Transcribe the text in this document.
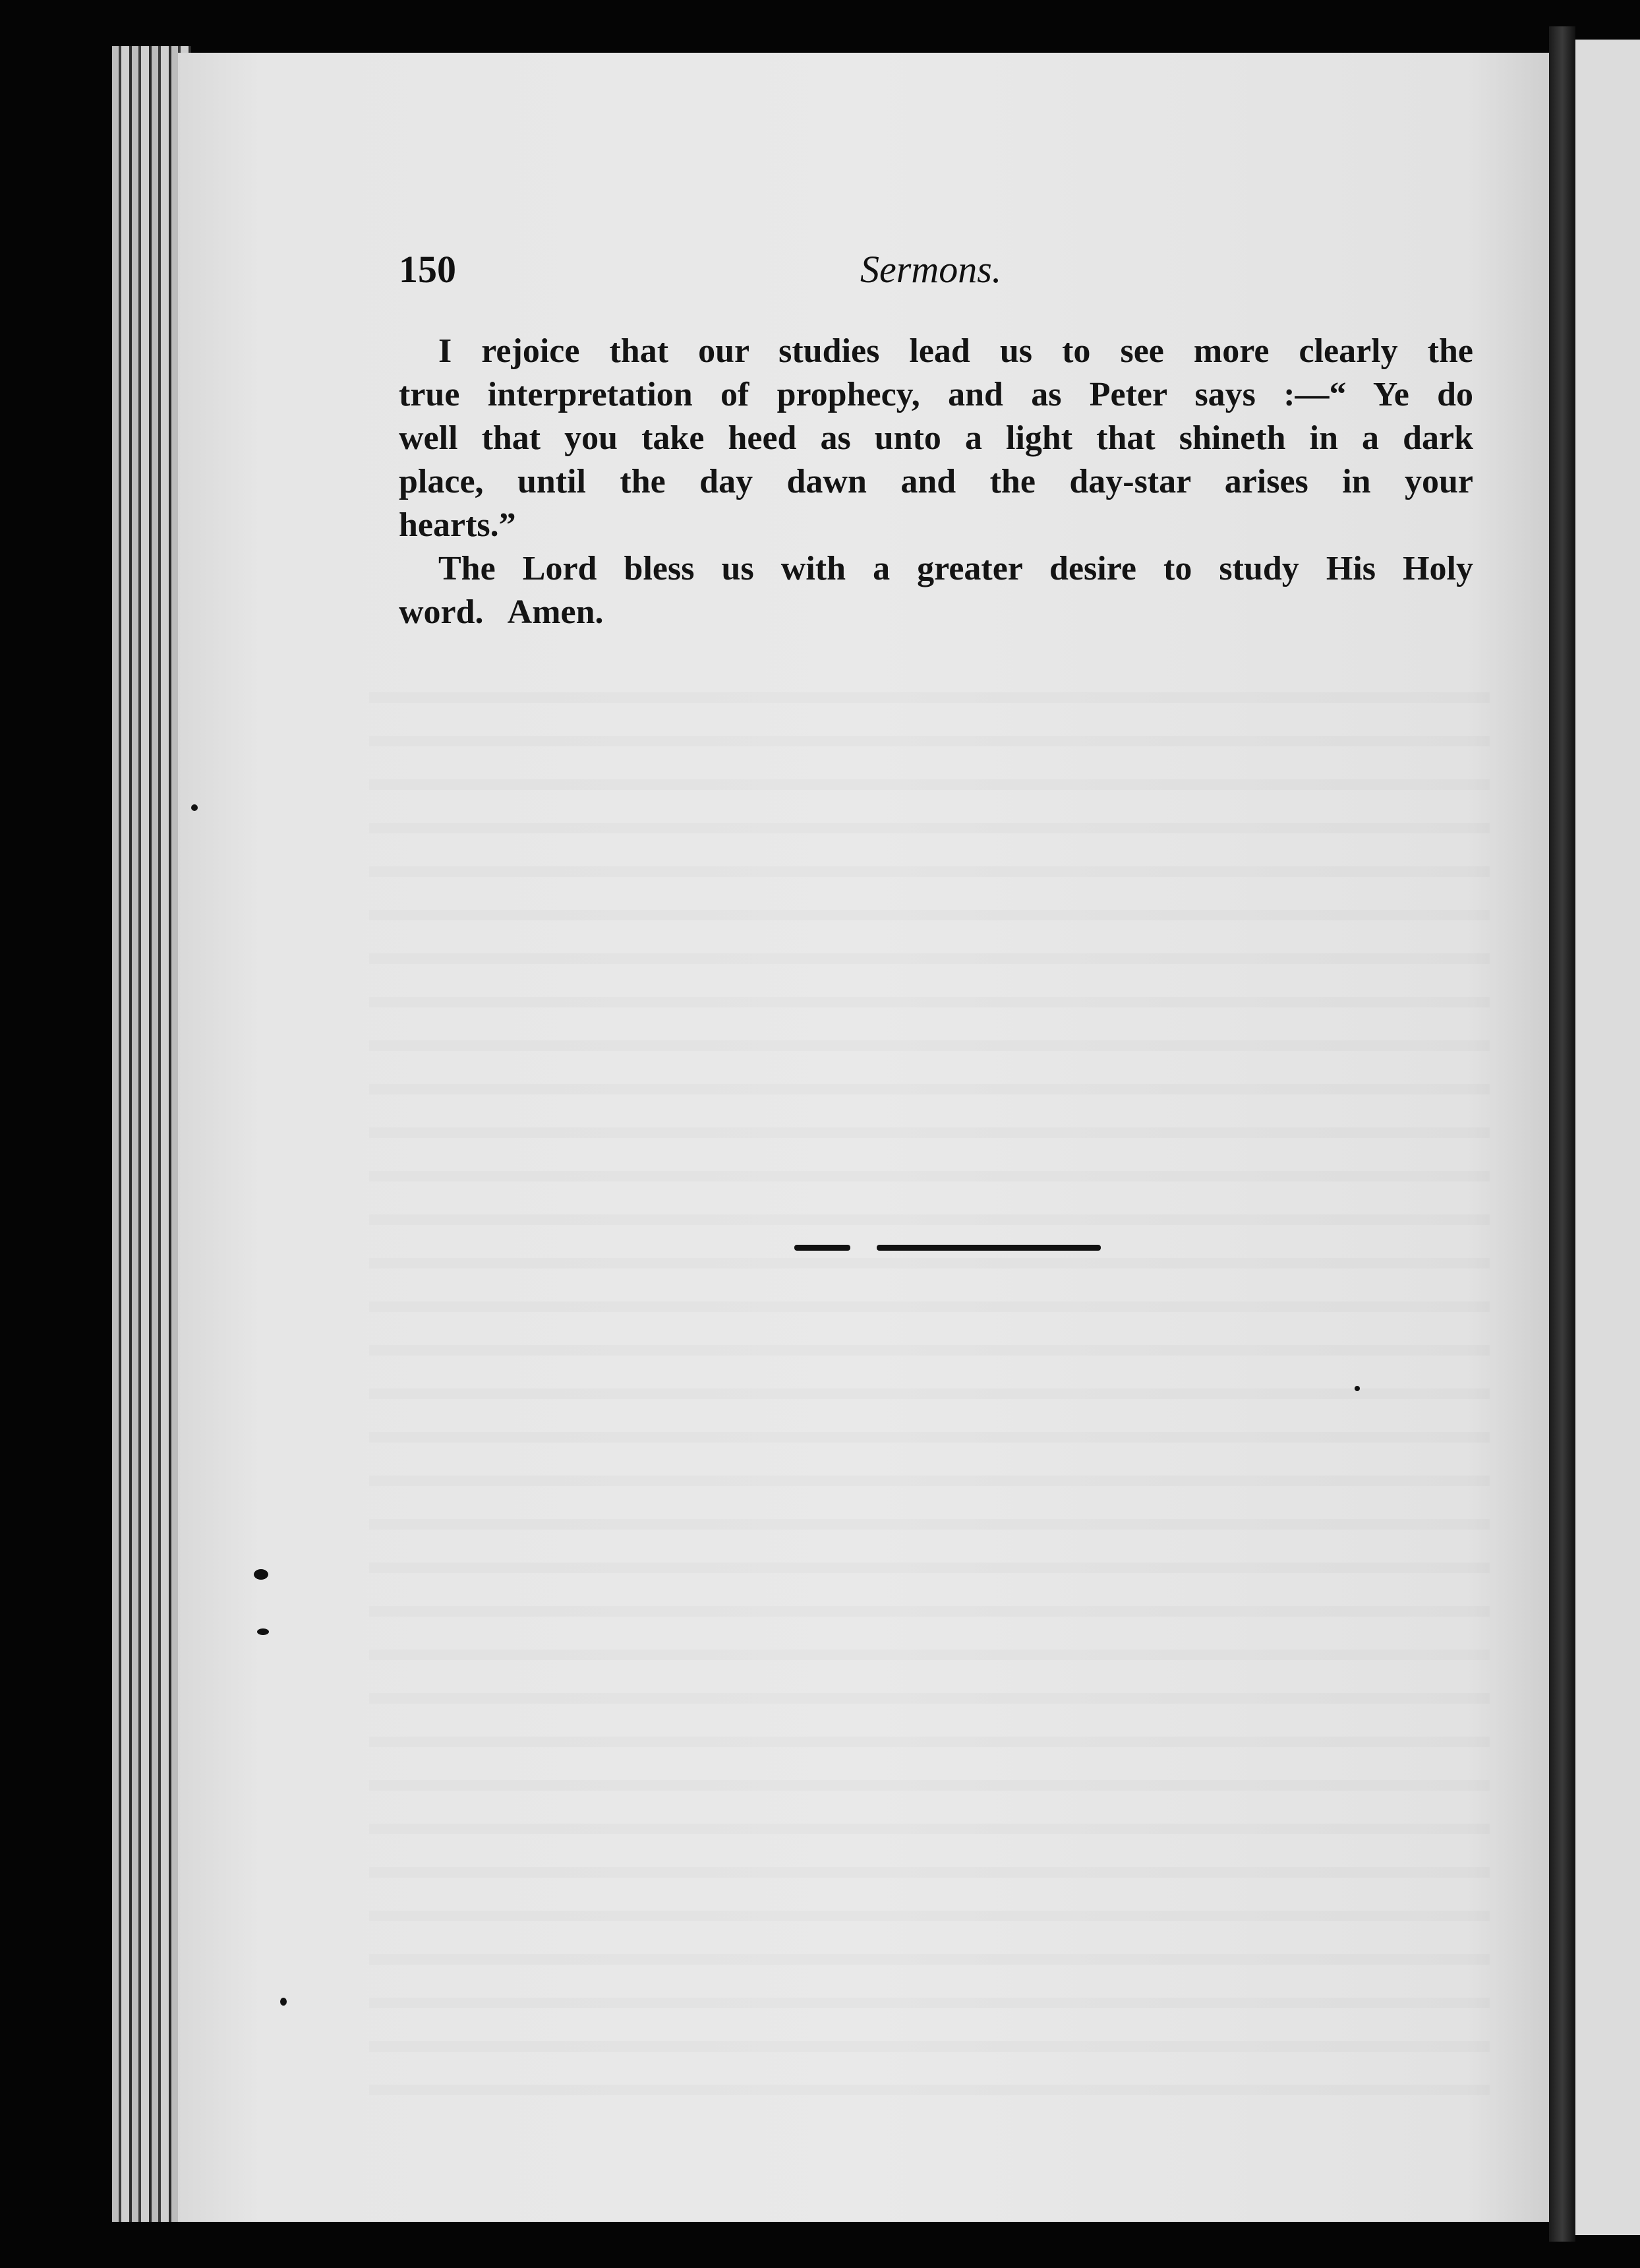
150	Sermons.

I rejoice that our studies lead us to see more clearly the
true interpretation of prophecy, and as Peter says :—“ Ye do
well that you take heed as unto a light that shineth in a dark
place, until the day dawn and the day-star arises in your
hearts.”

The Lord bless us with a greater desire to study His Holy
word.   Amen.
